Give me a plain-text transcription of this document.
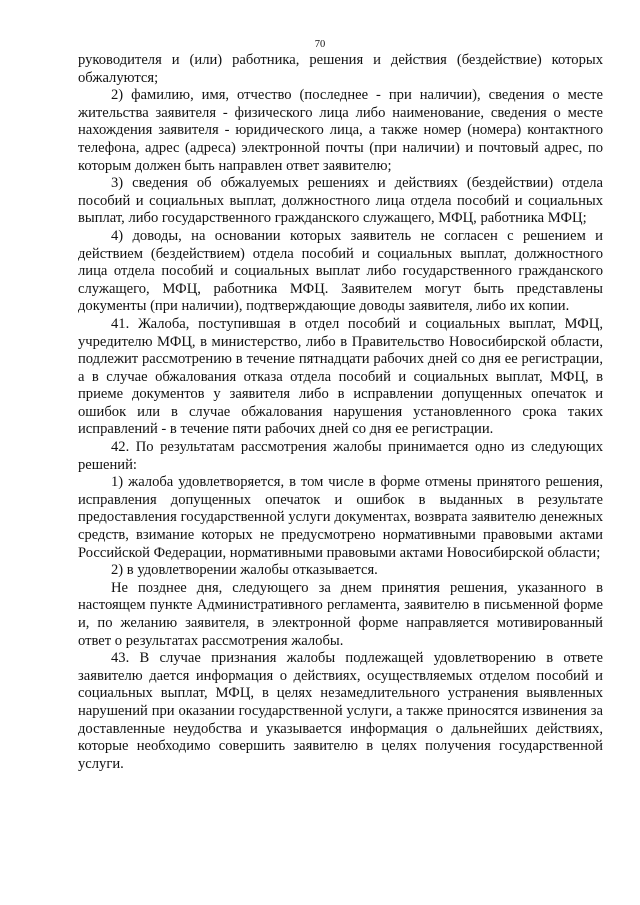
70

руководителя и (или) работника, решения и действия (бездействие) которых обжалуются;

2) фамилию, имя, отчество (последнее - при наличии), сведения о месте жительства заявителя - физического лица либо наименование, сведения о месте нахождения заявителя - юридического лица, а также номер (номера) контактного телефона, адрес (адреса) электронной почты (при наличии) и почтовый адрес, по которым должен быть направлен ответ заявителю;

3) сведения об обжалуемых решениях и действиях (бездействии) отдела пособий и социальных выплат, должностного лица отдела пособий и социальных выплат, либо государственного гражданского служащего, МФЦ, работника МФЦ;

4) доводы, на основании которых заявитель не согласен с решением и действием (бездействием) отдела пособий и социальных выплат, должностного лица отдела пособий и социальных выплат либо государственного гражданского служащего, МФЦ, работника МФЦ. Заявителем могут быть представлены документы (при наличии), подтверждающие доводы заявителя, либо их копии.

41. Жалоба, поступившая в отдел пособий и социальных выплат, МФЦ, учредителю МФЦ, в министерство, либо в Правительство Новосибирской области, подлежит рассмотрению в течение пятнадцати рабочих дней со дня ее регистрации, а в случае обжалования отказа отдела пособий и социальных выплат, МФЦ, в приеме документов у заявителя либо в исправлении допущенных опечаток и ошибок или в случае обжалования нарушения установленного срока таких исправлений - в течение пяти рабочих дней со дня ее регистрации.

42. По результатам рассмотрения жалобы принимается одно из следующих решений:

1) жалоба удовлетворяется, в том числе в форме отмены принятого решения, исправления допущенных опечаток и ошибок в выданных в результате предоставления государственной услуги документах, возврата заявителю денежных средств, взимание которых не предусмотрено нормативными правовыми актами Российской Федерации, нормативными правовыми актами Новосибирской области;

2) в удовлетворении жалобы отказывается.

Не позднее дня, следующего за днем принятия решения, указанного в настоящем пункте Административного регламента, заявителю в письменной форме и, по желанию заявителя, в электронной форме направляется мотивированный ответ о результатах рассмотрения жалобы.

43. В случае признания жалобы подлежащей удовлетворению в ответе заявителю дается информация о действиях, осуществляемых отделом пособий и социальных выплат, МФЦ, в целях незамедлительного устранения выявленных нарушений при оказании государственной услуги, а также приносятся извинения за доставленные неудобства и указывается информация о дальнейших действиях, которые необходимо совершить заявителю в целях получения государственной услуги.
